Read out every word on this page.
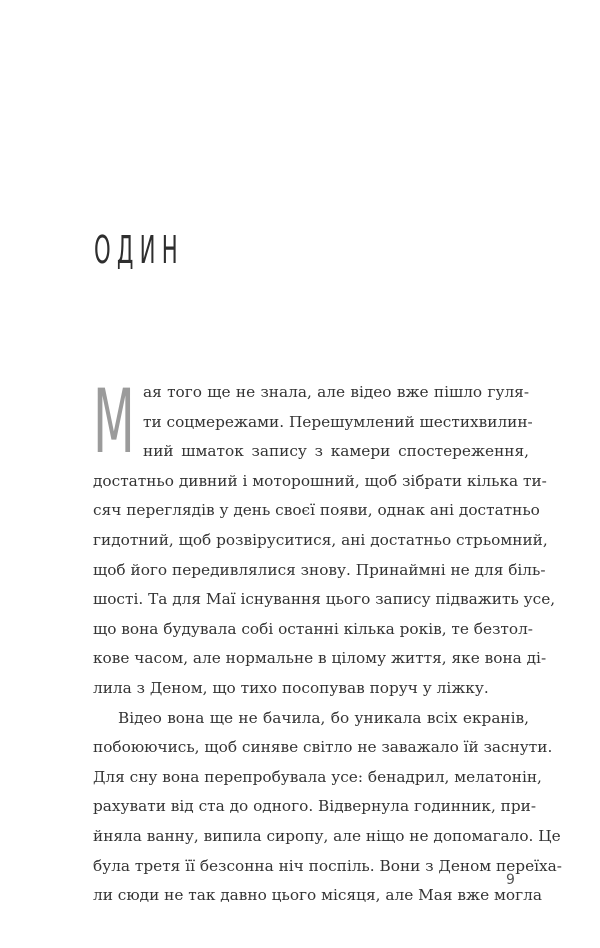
ОДИН
М ая того ще не знала, але відео вже пішло гуля-
ти соцмережами. Перешумлений шестихвилин-
ний шматок запису з камери спостереження,
достатньо дивний і моторошний, щоб зібрати кілька ти-
сяч переглядів у день своєї появи, однак ані достатньо
гидотний, щоб розвіруситися, ані достатньо стрьомний,
щоб його передивлялися знову. Принаймні не для біль-
шості. Та для Маї існування цього запису підважить усе,
що вона будувала собі останні кілька років, те безтол-
кове часом, але нормальне в цілому життя, яке вона ді-
лила з Деном, що тихо посопував поруч у ліжку.
Відео вона ще не бачила, бо уникала всіх екранів,
побоюючись, щоб синяве світло не заважало їй заснути.
Для сну вона перепробувала усе: бенадрил, мелатонін,
рахувати від ста до одного. Відвернула годинник, при-
йняла ванну, випила сиропу, але ніщо не допомагало. Це
була третя її безсонна ніч поспіль. Вони з Деном переїха-
ли сюди не так давно цього місяця, але Мая вже могла
9
